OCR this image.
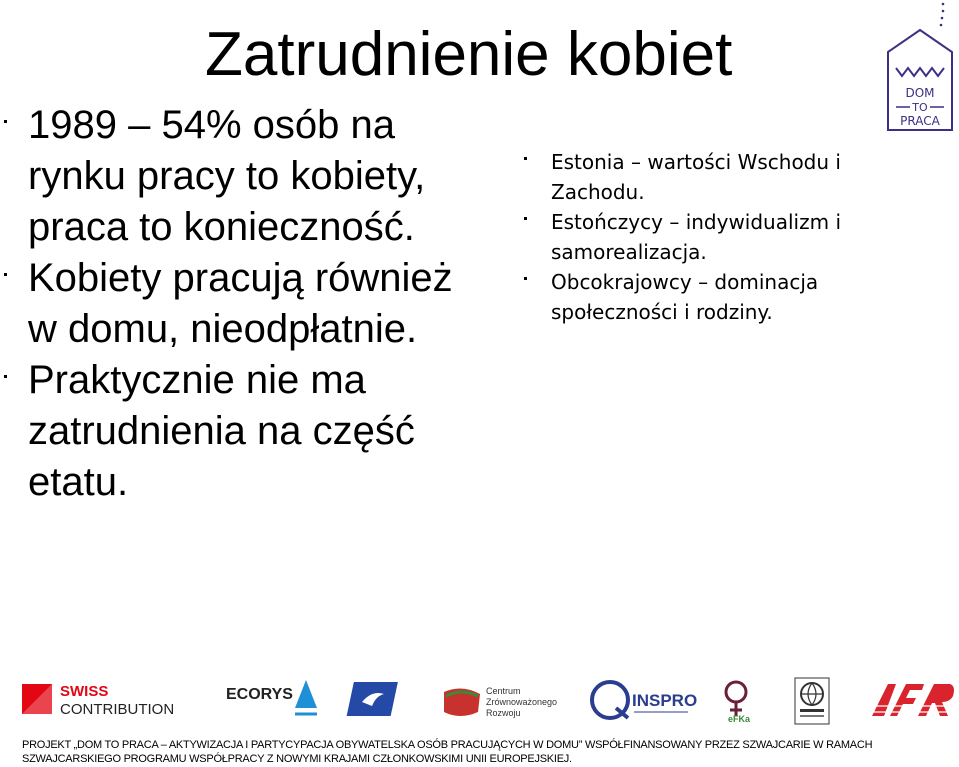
Zatrudnienie kobiet
DOM
TO
PRACA
1989 – 54% osób na rynku pracy to kobiety, praca to konieczność.
Kobiety pracują również w domu, nieodpłatnie.
Praktycznie nie ma zatrudnienia na część etatu.
Estonia – wartości Wschodu i Zachodu.
Estończycy – indywidualizm i samorealizacja.
Obcokrajowcy – dominacja społeczności i rodziny.
SWISS
CONTRIBUTION
ECORYS	Centrum
Zrównoważonego
Rozwoju
INSPRO
eFKa
PROJEKT „DOM TO PRACA – AKTYWIZACJA I PARTYCYPACJA OBYWATELSKA OSÓB PRACUJĄCYCH W DOMU” WSPÓŁFINANSOWANY PRZEZ SZWAJCARIE W RAMACH SZWAJCARSKIEGO PROGRAMU WSPÓŁPRACY Z NOWYMI KRAJAMI CZŁONKOWSKIMI UNII EUROPEJSKIEJ.
